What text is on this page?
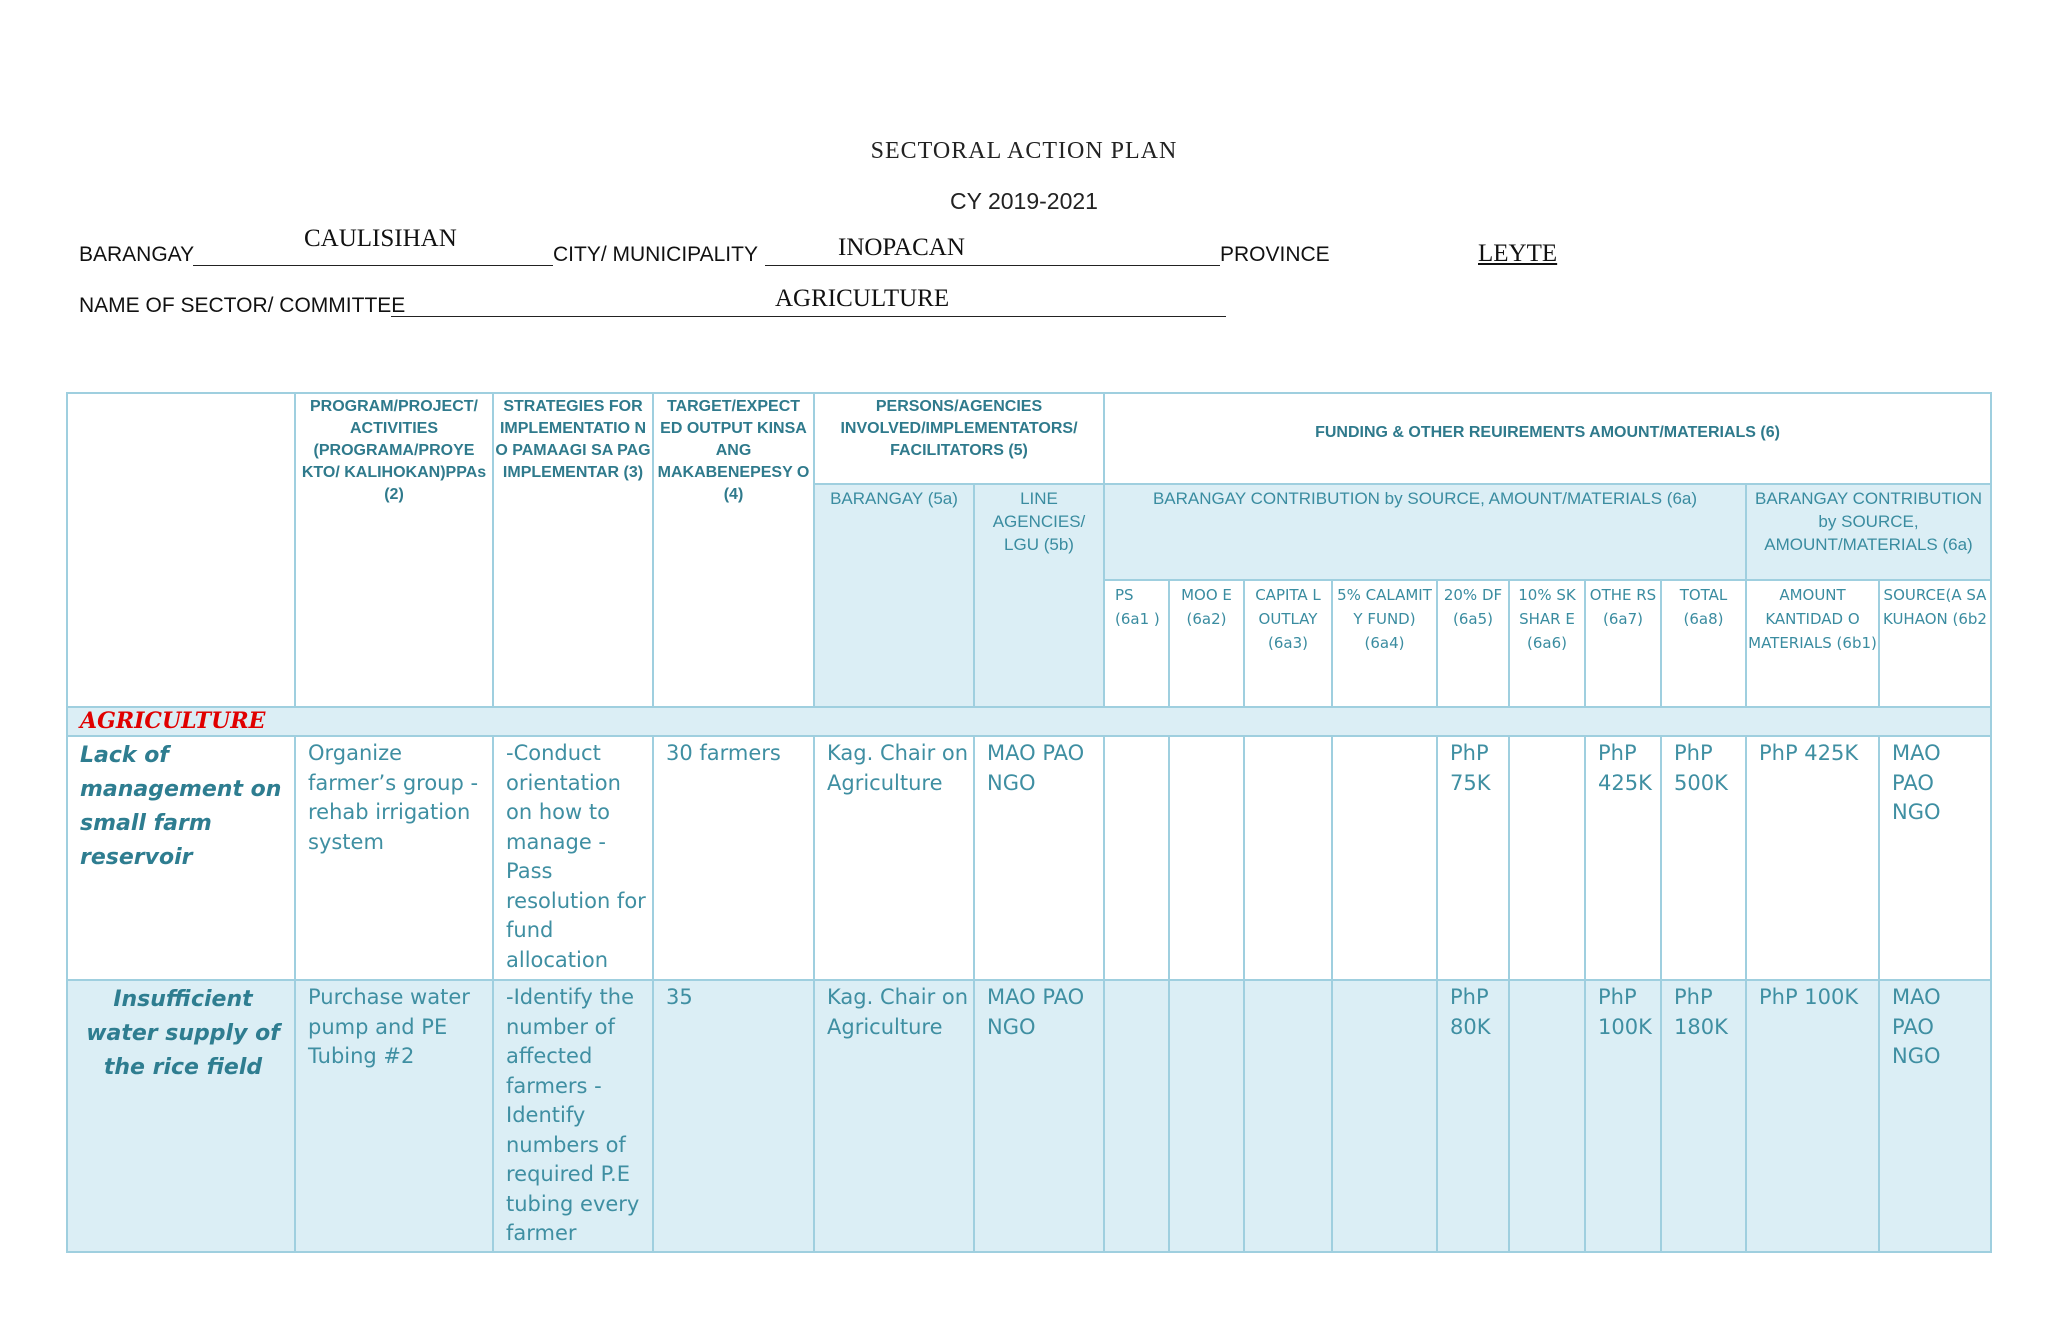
SECTORAL ACTION PLAN
CY 2019-2021
BARANGAY
CAULISIHAN
CITY/ MUNICIPALITY	INOPACAN	PROVINCE	LEYTE
NAME OF SECTOR/ COMMITTEE	AGRICULTURE
	PROGRAM/PROJECT/ ACTIVITIES (PROGRAMA/PROYE KTO/ KALIHOKAN)PPAs (2)	STRATEGIES FOR IMPLEMENTATIO N O PAMAAGI SA PAG IMPLEMENTAR (3)	TARGET/EXPECT ED OUTPUT KINSA ANG MAKABENEPESY O (4)	PERSONS/AGENCIES INVOLVED/IMPLEMENTATORS/ FACILITATORS (5)		FUNDING & OTHER REUIREMENTS AMOUNT/MATERIALS (6)									
				BARANGAY (5a)	LINE AGENCIES/ LGU (5b)	BARANGAY CONTRIBUTION by SOURCE, AMOUNT/MATERIALS (6a)								BARANGAY CONTRIBUTION by SOURCE, AMOUNT/MATERIALS (6a)	
						PS (6a1 )	MOO E (6a2)	CAPITA L OUTLAY (6a3)	5% CALAMIT Y FUND) (6a4)	20% DF (6a5)	10% SK SHAR E (6a6)	OTHE RS (6a7)	TOTAL (6a8)	AMOUNT KANTIDAD O MATERIALS (6b1)	SOURCE(A SA KUHAON (6b2
AGRICULTURE															
Lack of management on small farm reservoir	Organize farmer’s group -rehab irrigation system	-Conduct orientation on how to manage -Pass resolution for fund allocation	30 farmers	Kag. Chair on Agriculture	MAO PAO NGO					PhP 75K		PhP 425K	PhP 500K	PhP 425K	MAO PAO NGO
Insufficient water supply of the rice field	Purchase water pump and PE Tubing #2	-Identify the number of affected farmers -Identify numbers of required P.E tubing every farmer	35	Kag. Chair on Agriculture	MAO PAO NGO					PhP 80K		PhP 100K	PhP 180K	PhP 100K	MAO PAO NGO
